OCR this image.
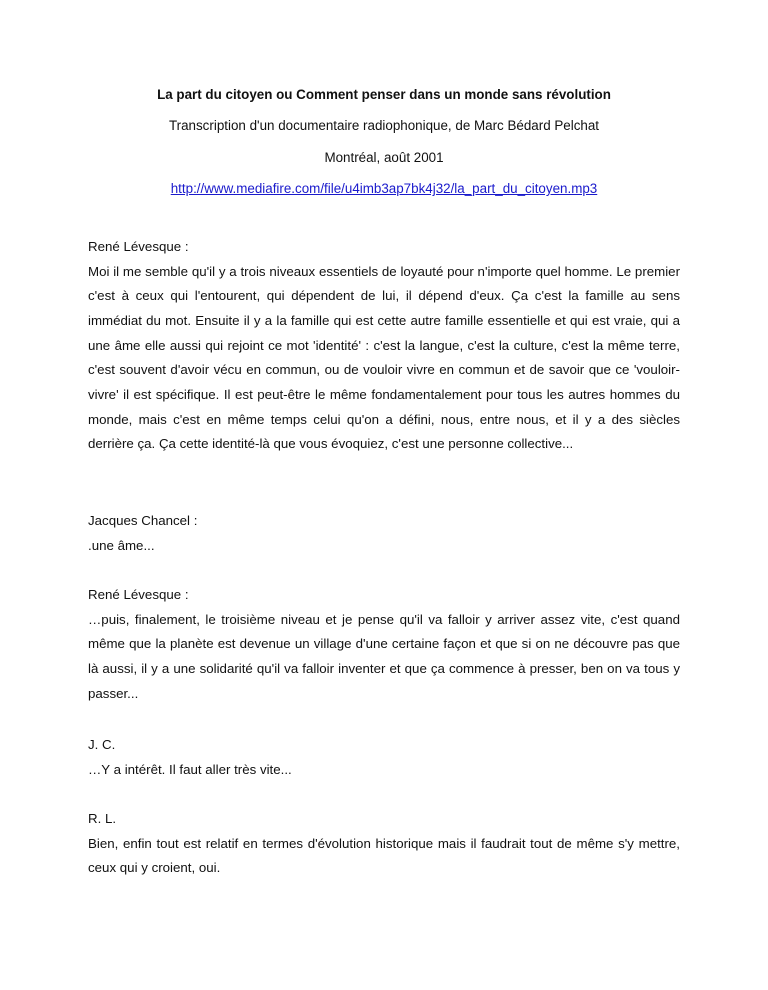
La part du citoyen ou Comment penser dans un monde sans révolution
Transcription d'un documentaire radiophonique, de Marc Bédard Pelchat
Montréal, août 2001
http://www.mediafire.com/file/u4imb3ap7bk4j32/la_part_du_citoyen.mp3
René Lévesque :
Moi il me semble qu'il y a trois niveaux essentiels de loyauté pour n'importe quel homme. Le premier c'est à ceux qui l'entourent, qui dépendent de lui, il dépend d'eux. Ça c'est la famille au sens immédiat du mot. Ensuite il y a la famille qui est cette autre famille essentielle et qui est vraie, qui a une âme elle aussi qui rejoint ce mot 'identité' : c'est la langue, c'est la culture, c'est la même terre, c'est souvent d'avoir vécu en commun, ou de vouloir vivre en commun et de savoir que ce 'vouloir-vivre' il est spécifique. Il est peut-être le même fondamentalement pour tous les autres hommes du monde, mais c'est en même temps celui qu'on a défini, nous, entre nous, et il y a des siècles derrière ça. Ça cette identité-là que vous évoquiez, c'est une personne collective...
Jacques Chancel :
.une âme...
René Lévesque :
…puis, finalement, le troisième niveau et je pense qu'il va falloir y arriver assez vite, c'est quand même que la planète est devenue un village d'une certaine façon et que si on ne découvre pas que là aussi, il y a une solidarité qu'il va falloir inventer et que ça commence à presser, ben on va tous y passer...
J. C.
…Y a intérêt. Il faut aller très vite...
R. L.
Bien, enfin tout est relatif en termes d'évolution historique mais il faudrait tout de même s'y mettre, ceux qui y croient, oui.
